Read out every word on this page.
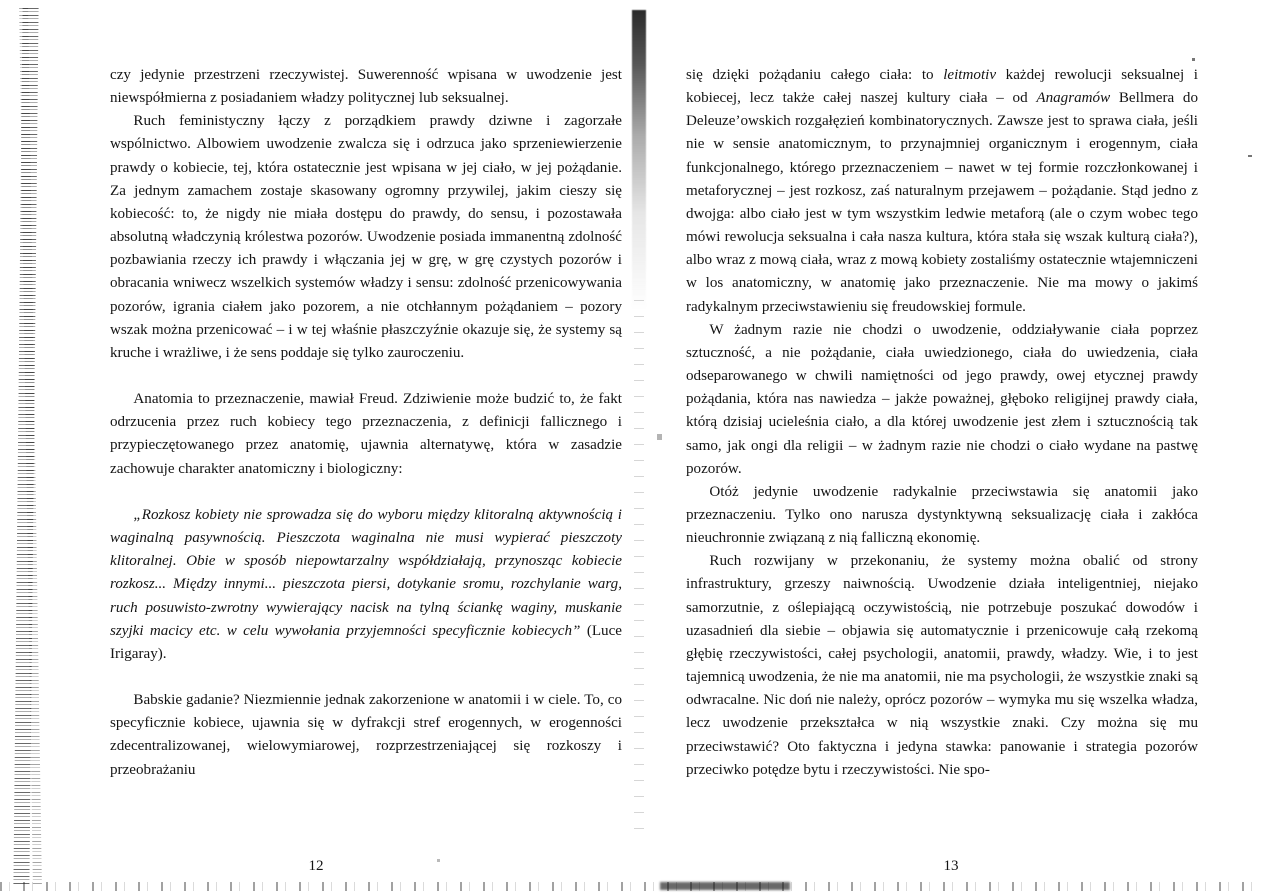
czy jedynie przestrzeni rzeczywistej. Suwerenność wpisana w uwodzenie jest niewspółmierna z posiadaniem władzy politycznej lub seksualnej.

Ruch feministyczny łączy z porządkiem prawdy dziwne i zagorzałe wspólnictwo. Albowiem uwodzenie zwalcza się i odrzuca jako sprzeniewierzenie prawdy o kobiecie, tej, która ostatecznie jest wpisana w jej ciało, w jej pożądanie. Za jednym zamachem zostaje skasowany ogromny przywilej, jakim cieszy się kobiecość: to, że nigdy nie miała dostępu do prawdy, do sensu, i pozostawała absolutną władczynią królestwa pozorów. Uwodzenie posiada immanentną zdolność pozbawiania rzeczy ich prawdy i włączania jej w grę, w grę czystych pozorów i obracania wniwecz wszelkich systemów władzy i sensu: zdolność przenicowywania pozorów, igrania ciałem jako pozorem, a nie otchłannym pożądaniem – pozory wszak można przenicować – i w tej właśnie płaszczyźnie okazuje się, że systemy są kruche i wrażliwe, i że sens poddaje się tylko zauroczeniu.

Anatomia to przeznaczenie, mawiał Freud. Zdziwienie może budzić to, że fakt odrzucenia przez ruch kobiecy tego przeznaczenia, z definicji fallicznego i przypieczętowanego przez anatomię, ujawnia alternatywę, która w zasadzie zachowuje charakter anatomiczny i biologiczny:

„Rozkosz kobiety nie sprowadza się do wyboru między klitoralną aktywnością i waginalną pasywnością. Pieszczota waginalna nie musi wypierać pieszczoty klitoralnej. Obie w sposób niepowtarzalny współdziałają, przynosząc kobiecie rozkosz... Między innymi... pieszczota piersi, dotykanie sromu, rozchylanie warg, ruch posuwisto-zwrotny wywierający nacisk na tylną ściankę waginy, muskanie szyjki macicy etc. w celu wywołania przyjemności specyficznie kobiecych” (Luce Irigaray).

Babskie gadanie? Niezmiennie jednak zakorzenione w anatomii i w ciele. To, co specyficznie kobiece, ujawnia się w dyfrakcji stref erogennych, w erogenności zdecentralizowanej, wielowymiarowej, rozprzestrzeniającej się rozkoszy i przeobrażaniu

12

się dzięki pożądaniu całego ciała: to leitmotiv każdej rewolucji seksualnej i kobiecej, lecz także całej naszej kultury ciała – od Anagramów Bellmera do Deleuze’owskich rozgałęzień kombinatorycznych. Zawsze jest to sprawa ciała, jeśli nie w sensie anatomicznym, to przynajmniej organicznym i erogennym, ciała funkcjonalnego, którego przeznaczeniem – nawet w tej formie rozczłonkowanej i metaforycznej – jest rozkosz, zaś naturalnym przejawem – pożądanie. Stąd jedno z dwojga: albo ciało jest w tym wszystkim ledwie metaforą (ale o czym wobec tego mówi rewolucja seksualna i cała nasza kultura, która stała się wszak kulturą ciała?), albo wraz z mową ciała, wraz z mową kobiety zostaliśmy ostatecznie wtajemniczeni w los anatomiczny, w anatomię jako przeznaczenie. Nie ma mowy o jakimś radykalnym przeciwstawieniu się freudowskiej formule.

W żadnym razie nie chodzi o uwodzenie, oddziaływanie ciała poprzez sztuczność, a nie pożądanie, ciała uwiedzionego, ciała do uwiedzenia, ciała odseparowanego w chwili namiętności od jego prawdy, owej etycznej prawdy pożądania, która nas nawiedza – jakże poważnej, głęboko religijnej prawdy ciała, którą dzisiaj ucieleśnia ciało, a dla której uwodzenie jest złem i sztucznością tak samo, jak ongi dla religii – w żadnym razie nie chodzi o ciało wydane na pastwę pozorów.

Otóż jedynie uwodzenie radykalnie przeciwstawia się anatomii jako przeznaczeniu. Tylko ono narusza dystynktywną seksualizację ciała i zakłóca nieuchronnie związaną z nią falliczną ekonomię.

Ruch rozwijany w przekonaniu, że systemy można obalić od strony infrastruktury, grzeszy naiwnością. Uwodzenie działa inteligentniej, niejako samorzutnie, z oślepiającą oczywistością, nie potrzebuje poszukać dowodów i uzasadnień dla siebie – objawia się automatycznie i przenicowuje całą rzekomą głębię rzeczywistości, całej psychologii, anatomii, prawdy, władzy. Wie, i to jest tajemnicą uwodzenia, że nie ma anatomii, nie ma psychologii, że wszystkie znaki są odwracalne. Nic doń nie należy, oprócz pozorów – wymyka mu się wszelka władza, lecz uwodzenie przekształca w nią wszystkie znaki. Czy można się mu przeciwstawić? Oto faktyczna i jedyna stawka: panowanie i strategia pozorów przeciwko potędze bytu i rzeczywistości. Nie spo-

13
